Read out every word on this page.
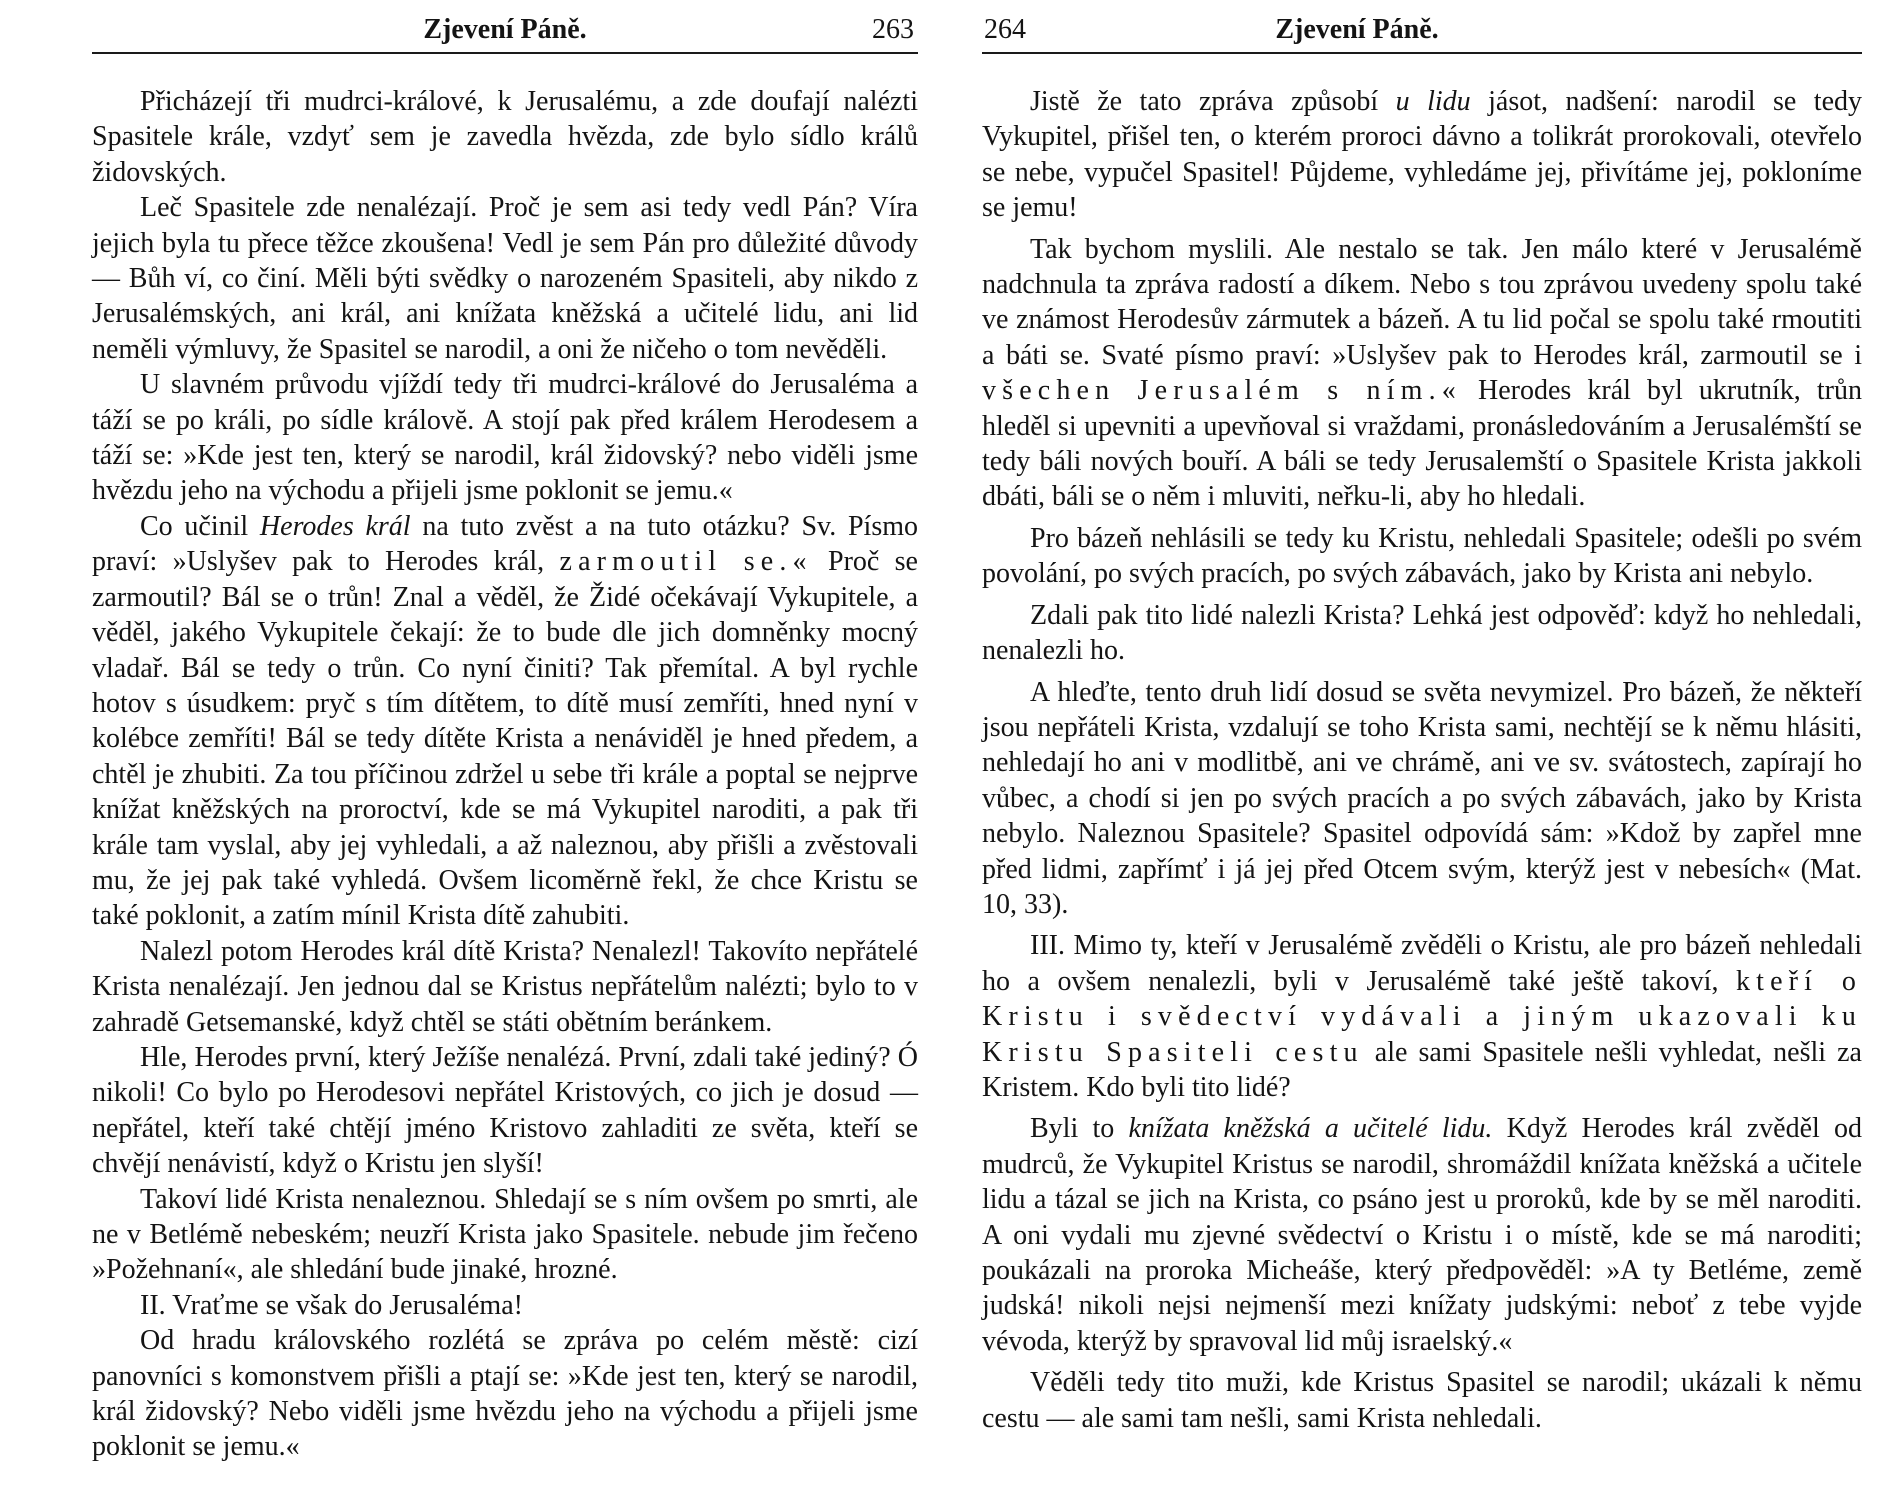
Zjevení Páně.	263

Přicházejí tři mudrci-králové, k Jerusalému, a zde doufají nalézti Spasitele krále, vzdyť sem je zavedla hvězda, zde bylo sídlo králů židovských.

Leč Spasitele zde nenalézají. Proč je sem asi tedy vedl Pán? Víra jejich byla tu přece těžce zkoušena! Vedl je sem Pán pro důležité důvody — Bůh ví, co činí. Měli býti svědky o narozeném Spasiteli, aby nikdo z Jerusalémských, ani král, ani knížata kněžská a učitelé lidu, ani lid neměli výmluvy, že Spasitel se narodil, a oni že ničeho o tom nevěděli.

U slavném průvodu vjíždí tedy tři mudrci-králové do Jerusaléma a táží se po králi, po sídle královĕ. A stojí pak před králem Herodesem a táží se: »Kde jest ten, který se narodil, král židovský? nebo viděli jsme hvězdu jeho na východu a přijeli jsme poklonit se jemu.«

Co učinil Herodes král na tuto zvěst a na tuto otázku? Sv. Písmo praví: »Uslyšev pak to Herodes král, zarmoutil se.« Proč se zarmoutil? Bál se o trůn! Znal a věděl, že Židé očekávají Vykupitele, a věděl, jakého Vykupitele čekají: že to bude dle jich domněnky mocný vladař. Bál se tedy o trůn. Co nyní činiti? Tak přemítal. A byl rychle hotov s úsudkem: pryč s tím dítětem, to dítě musí zemříti, hned nyní v kolébce zemříti! Bál se tedy dítěte Krista a nenáviděl je hned předem, a chtěl je zhubiti. Za tou příčinou zdržel u sebe tři krále a poptal se nejprve knížat kněžských na proroctví, kde se má Vykupitel naroditi, a pak tři krále tam vyslal, aby jej vyhledali, a až naleznou, aby přišli a zvěstovali mu, že jej pak také vyhledá. Ovšem licoměrně řekl, že chce Kristu se také poklonit, a zatím mínil Krista dítě zahubiti.

Nalezl potom Herodes král dítě Krista? Nenalezl! Takovíto nepřátelé Krista nenalézají. Jen jednou dal se Kristus nepřátelům nalézti; bylo to v zahradě Getsemanské, když chtěl se státi obětním beránkem.

Hle, Herodes první, který Ježíše nenalézá. První, zdali také jediný? Ó nikoli! Co bylo po Herodesovi nepřátel Kristových, co jich je dosud — nepřátel, kteří také chtějí jméno Kristovo zahladiti ze světa, kteří se chvějí nenávistí, když o Kristu jen slyší!

Takoví lidé Krista nenaleznou. Shledají se s ním ovšem po smrti, ale ne v Betlémě nebeském; neuzří Krista jako Spasitele. nebude jim řečeno »Požehnaní«, ale shledání bude jinaké, hrozné.

II. Vraťme se však do Jerusaléma!

Od hradu královského rozlétá se zpráva po celém městě: cizí panovníci s komonstvem přišli a ptají se: »Kde jest ten, který se narodil, král židovský? Nebo viděli jsme hvězdu jeho na východu a přijeli jsme poklonit se jemu.«

264	Zjevení Páně.

Jistě že tato zpráva způsobí u lidu jásot, nadšení: narodil se tedy Vykupitel, přišel ten, o kterém proroci dávno a tolikrát prorokovali, otevřelo se nebe, vypučel Spasitel! Půjdeme, vyhledáme jej, přivítáme jej, pokloníme se jemu!

Tak bychom myslili. Ale nestalo se tak. Jen málo které v Jerusalémě nadchnula ta zpráva radostí a díkem. Nebo s tou zprávou uvedeny spolu také ve známost Herodesův zármutek a bázeň. A tu lid počal se spolu také rmoutiti a báti se. Svaté písmo praví: »Uslyšev pak to Herodes král, zarmoutil se i všechen Jerusalém s ním.« Herodes král byl ukrutník, trůn hleděl si upevniti a upevňoval si vraždami, pronásledováním a Jerusalémští se tedy báli nových bouří. A báli se tedy Jerusalemští o Spasitele Krista jakkoli dbáti, báli se o něm i mluviti, neřku-li, aby ho hledali.

Pro bázeň nehlásili se tedy ku Kristu, nehledali Spasitele; odešli po svém povolání, po svých pracích, po svých zábavách, jako by Krista ani nebylo.

Zdali pak tito lidé nalezli Krista? Lehká jest odpověď: když ho nehledali, nenalezli ho.

A hleďte, tento druh lidí dosud se světa nevymizel. Pro bázeň, že někteří jsou nepřáteli Krista, vzdalují se toho Krista sami, nechtějí se k němu hlásiti, nehledají ho ani v modlitbě, ani ve chrámě, ani ve sv. svátostech, zapírají ho vůbec, a chodí si jen po svých pracích a po svých zábavách, jako by Krista nebylo. Naleznou Spasitele? Spasitel odpovídá sám: »Kdož by zapřel mne před lidmi, zapřímť i já jej před Otcem svým, kterýž jest v nebesích« (Mat. 10, 33).

III. Mimo ty, kteří v Jerusalémě zvěděli o Kristu, ale pro bázeň nehledali ho a ovšem nenalezli, byli v Jerusalémě také ještě takoví, kteří o Kristu i svědectví vydávali a jiným ukazovali ku Kristu Spasiteli cestu ale sami Spasitele nešli vyhledat, nešli za Kristem. Kdo byli tito lidé?

Byli to knížata kněžská a učitelé lidu. Když Herodes král zvěděl od mudrců, že Vykupitel Kristus se narodil, shromáždil knížata kněžská a učitele lidu a tázal se jich na Krista, co psáno jest u proroků, kde by se měl naroditi. A oni vydali mu zjevné svědectví o Kristu i o místě, kde se má naroditi; poukázali na proroka Micheáše, který předpověděl: »A ty Betléme, země judská! nikoli nejsi nejmenší mezi knížaty judskými: neboť z tebe vyjde vévoda, kterýž by spravoval lid můj israelský.«

Věděli tedy tito muži, kde Kristus Spasitel se narodil; ukázali k němu cestu — ale sami tam nešli, sami Krista nehledali.
